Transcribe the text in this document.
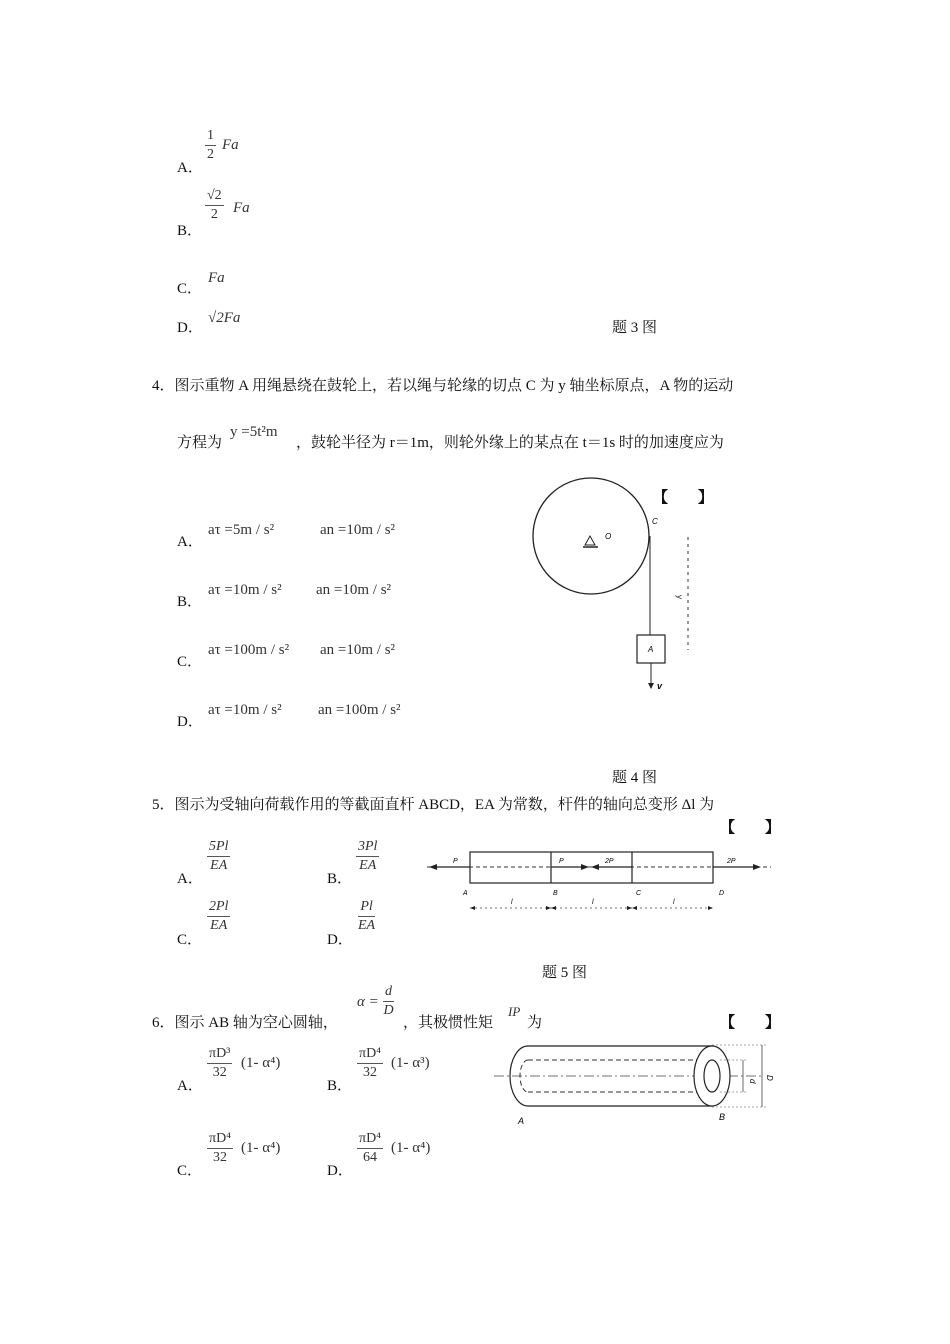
A．
$\frac{1}{2}$ Fa
B．
$\frac{√2}{2}$ Fa
C．
Fa
D．
√2Fa
题 3 图
4．图示重物 A 用绳悬绕在鼓轮上，若以绳与轮缘的切点 C 为 y 轴坐标原点，A 物的运动
方程为
y =5t²m
，鼓轮半径为 r＝1m，则轮外缘上的某点在 t＝1s 时的加速度应为
【　　】
A．
aτ =5m / s²	an =10m / s²
B．
aτ =10m / s² an =10m / s²
C．
aτ =100m / s² an =10m / s²
D．
aτ =10m / s² an =100m / s²
O
C
y
A
v
题 4 图
5．图示为受轴向荷载作用的等截面直杆 ABCD，EA 为常数，杆件的轴向总变形 Δl 为
【　　】
A．
$\frac{5Pl}{EA}$
B．
$\frac{3Pl}{EA}$
C．
$\frac{2Pl}{EA}$
D．
$\frac{Pl}{EA}$
P	P	2P	2P
A	B	C	D
l	l	l
题 5 图
6．图示 AB 轴为空心圆轴，
$\alpha = \frac{d}{D}$
，其极惯性矩
IP
为	【　　】
A．
$\frac{\text{πD³}}{32} (1-$ α⁴)
B．
$\frac{\text{πD⁴}}{32} (1-$ α³)
C．
$\frac{\text{πD⁴}}{32} (1-$ α⁴)
D．
$\frac{\text{πD⁴}}{64} (1-$ α⁴)
d
D
A	B
